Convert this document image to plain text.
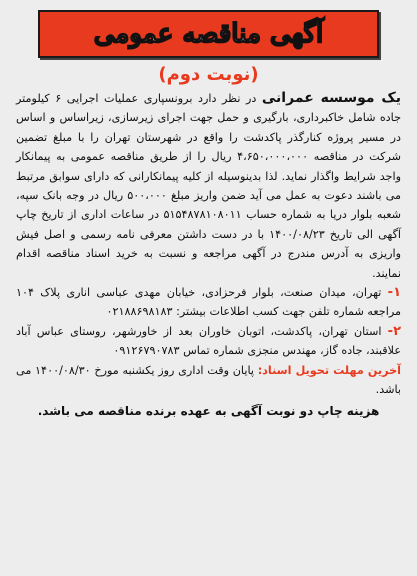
آگهی مناقصه عمومی
(نوبت دوم)

یک موسسه عمرانی در نظر دارد برونسپاری عملیات اجرایی ۶ کیلومتر جاده شامل خاکبرداری، بارگیری و حمل جهت اجرای زیرسازی، زیراساس و اساس در مسیر پروژه کنارگذر پاکدشت را واقع در شهرستان تهران را با مبلغ تضمین شرکت در مناقصه ۴،۶۵۰،۰۰۰،۰۰۰ ریال را از طریق مناقصه عمومی به پیمانکار واجد شرایط واگذار نماید. لذا بدینوسیله از کلیه پیمانکارانی که دارای سوابق مرتبط می باشند دعوت به عمل می آید ضمن واریز مبلغ ۵۰۰،۰۰۰ ریال در وجه بانک سپه، شعبه بلوار دریا به شماره حساب ۵۱۵۴۸۷۸۱۰۸۰۱۱ در ساعات اداری از تاریخ چاپ آگهی الی تاریخ ۱۴۰۰/۰۸/۲۳ با در دست داشتن معرفی نامه رسمی و اصل فیش واریزی به آدرس مندرج در آگهی مراجعه و نسبت به خرید اسناد مناقصه اقدام نمایند.

۱- تهران، میدان صنعت، بلوار فرحزادی، خیابان مهدی عباسی اناری پلاک ۱۰۴ مراجعه شماره تلفن جهت کسب اطلاعات بیشتر: ۰۲۱۸۸۶۹۸۱۸۳

۲- استان تهران، پاکدشت، اتوبان خاوران بعد از خاورشهر، روستای عباس آباد علاقبند، جاده گاز، مهندس منجزی شماره تماس ۰۹۱۲۶۷۹۰۷۸۳

آخرین مهلت تحویل اسناد: پایان وقت اداری روز یکشنبه مورخ ۱۴۰۰/۰۸/۳۰ می باشد.

هزینه چاپ دو نوبت آگهی به عهده برنده مناقصه می باشد.
